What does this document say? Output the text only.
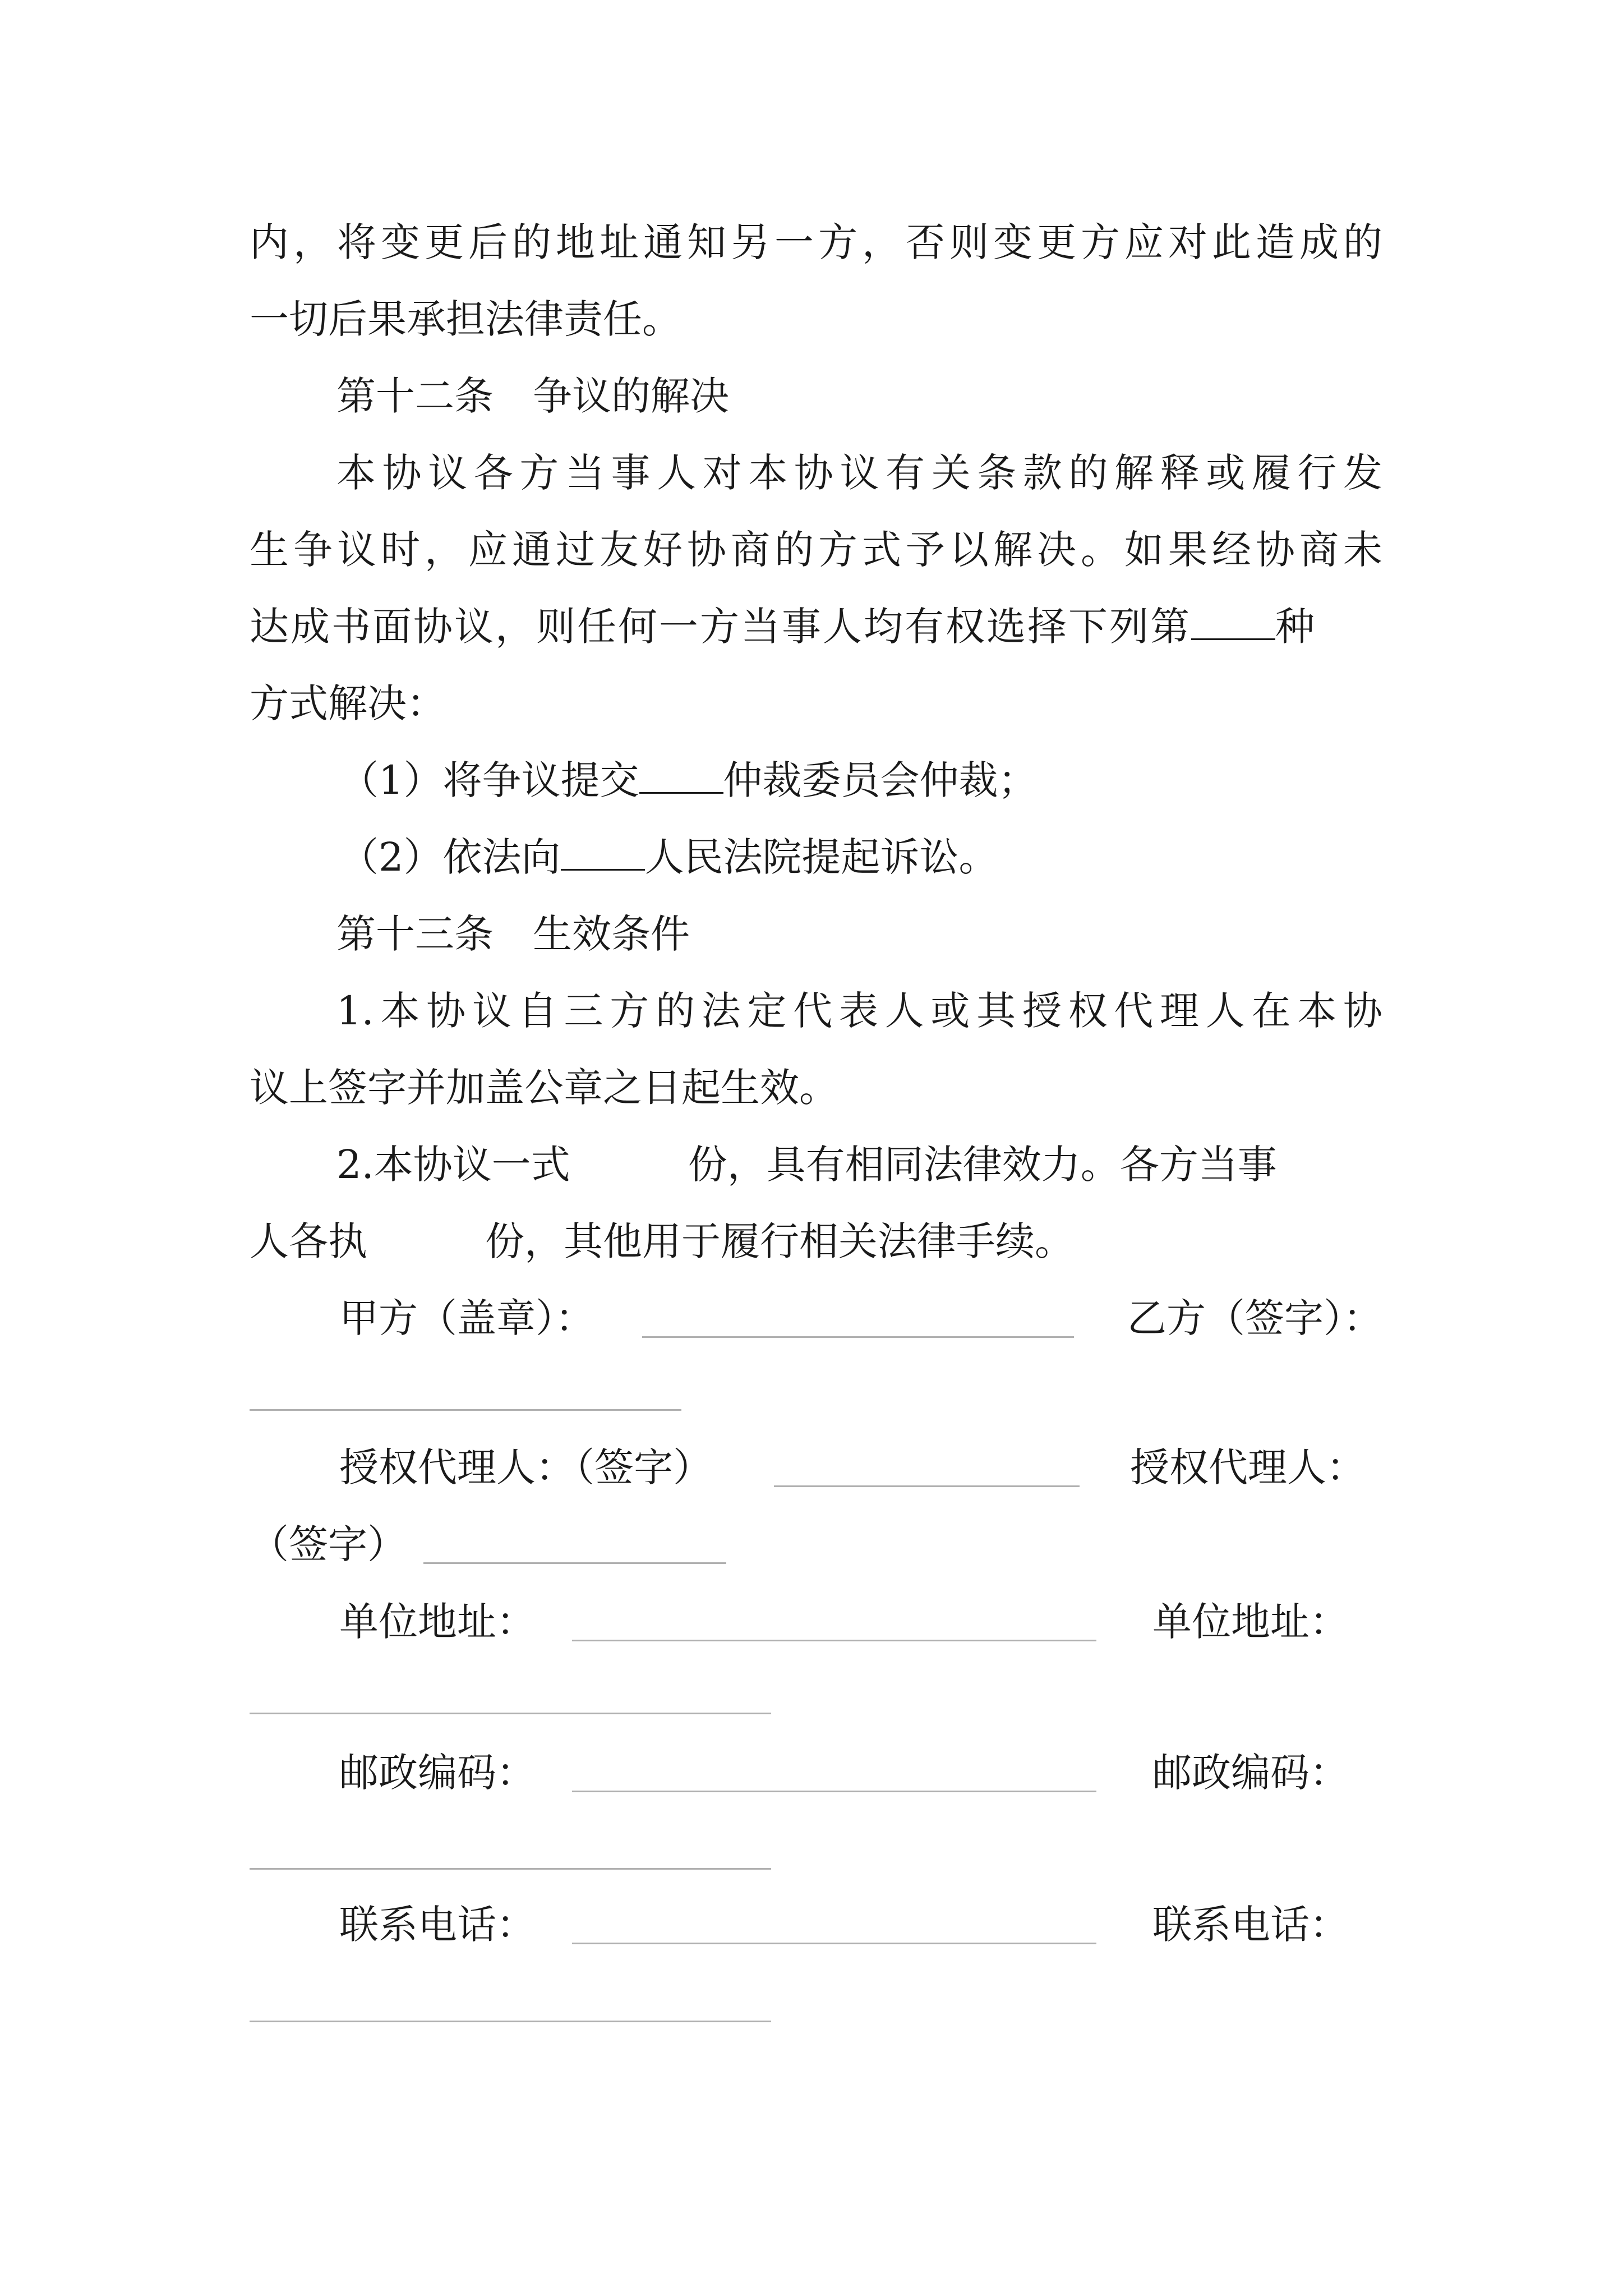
内，将变更后的地址通知另一方，否则变更方应对此造成的
一切后果承担法律责任。
第十二条　争议的解决
本协议各方当事人对本协议有关条款的解释或履行发
生争议时，应通过友好协商的方式予以解决。如果经协商未
达成书面协议，则任何一方当事人均有权选择下列第 种
方式解决：
（1）将争议提交 仲裁委员会仲裁；
（2）依法向 人民法院提起诉讼。
第十三条　生效条件
1.本协议自三方的法定代表人或其授权代理人在本协
议上签字并加盖公章之日起生效。
2.本协议一式	份，具有相同法律效力。各方当事
人各执	份，其他用于履行相关法律手续。
甲方（盖章）：	乙方（签字）：
授权代理人：（签字）	授权代理人：
（签字）
单位地址：	单位地址：
邮政编码：	邮政编码：
联系电话：	联系电话：
